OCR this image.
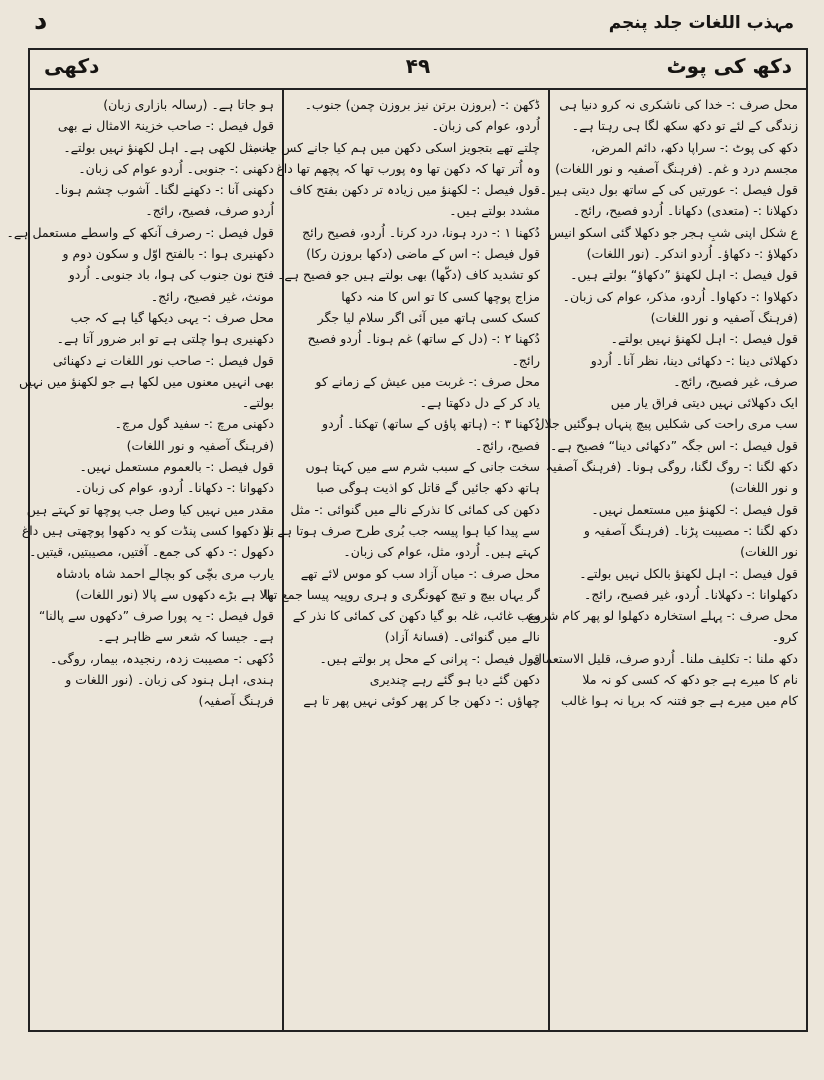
د	مہذب اللغات جلد پنجم
دکھ کی پوٹ
۴۹
دکھی
محل صرف :- خدا کی ناشکری نہ کرو دنیا ہی
زندگی کے لئے تو دکھ سکھ لگا ہی رہتا ہے۔
دکھ کی پوٹ :- سراپا دکھ، دائم المرض،
مجسم درد و غم۔ (فرہنگ آصفیہ و نور اللغات)
قول فیصل :- عورتیں کی کے ساتھ بول دیتی ہیں۔
دکھلانا :- (متعدی) دکھانا۔ اُردو فصیح، رائج۔
ع شکل اپنی شبِ ہجر جو دکھلا گئی اسکو انیس
دکھلاؤ :- دکھاؤ۔ اُردو اندکر۔ (نور اللغات)
قول فیصل :- اہل لکھنؤ ”دکھاؤ“ بولتے ہیں۔
دکھلاوا :- دکھاوا۔ اُردو، مذکر، عوام کی زبان۔
(فرہنگ آصفیہ و نور اللغات)
قول فیصل :- اہل لکھنؤ نہیں بولتے۔
دکھلائی دینا :- دکھائی دینا، نظر آنا۔ اُردو
صرف، غیر فصیح، رائج۔
ایک دکھلائی نہیں دیتی فراق یار میں
سب مری راحت کی شکلیں پیچ پنہاں ہوگئیں جلال
قول فیصل :- اس جگہ ”دکھائی دینا“ فصیح ہے۔
دکھ لگنا :- روگ لگنا، روگی ہونا۔ (فرہنگ آصفیہ
و نور اللغات)
قول فیصل :- لکھنؤ میں مستعمل نہیں۔
دکھ لگنا :- مصیبت پڑنا۔ (فرہنگ آصفیہ و
نور اللغات)
قول فیصل :- اہل لکھنؤ بالکل نہیں بولتے۔
دکھلوانا :- دکھلانا۔ اُردو، غیر فصیح، رائج۔
محل صرف :- پہلے استخارہ دکھلوا لو پھر کام شروع
کرو۔
دکھ ملنا :- تکلیف ملنا۔ اُردو صرف، قلیل الاستعمال۔
نام کا میرے ہے جو دکھ کہ کسی کو نہ ملا
کام میں میرے ہے جو فتنہ کہ برپا نہ ہوا غالب
ڈکھن :- (بروزن برتن نیز بروزن چمن) جنوب۔
اُردو، عوام کی زبان۔
چلتے تھے بتجویز اسکی دکھن میں ہم کیا جانے کس جانب
وہ اُتر تھا کہ دکھن تھا وہ پورب تھا کہ پچھم تھا داغ
قول فیصل :- لکھنؤ میں زیادہ تر دکھن بفتح کاف
مشدد بولتے ہیں۔
دُکھنا ۱ :- درد ہونا، درد کرنا۔ اُردو، فصیح رائج
قول فیصل :- اس کے ماضی (دکھا بروزن رکا)
کو تشدید کاف (دکّھا) بھی بولتے ہیں جو فصیح ہے۔
مزاج پوچھا کسی کا تو اس کا منہ دکھا
کسک کسی ہاتھ میں آئی اگر سلام لیا جگر
دُکھنا ۲ :- (دل کے ساتھ) غم ہونا۔ اُردو فصیح
رائج۔
محل صرف :- غربت میں عیش کے زمانے کو
یاد کر کے دل دکھتا ہے۔
دُکھنا ۳ :- (ہاتھ پاؤں کے ساتھ) تھکنا۔ اُردو
فصیح، رائج۔
سخت جانی کے سبب شرم سے میں کہتا ہوں
ہاتھ دکھ جائیں گے قاتل کو اذیت ہوگی صبا
دکھن کی کمائی کا نذرکے نالے میں گنوائی :- مثل
سے پیدا کیا ہوا پیسہ جب بُری طرح صرف ہوتا ہے تو
کہتے ہیں۔ اُردو، مثل، عوام کی زبان۔
محل صرف :- میاں آزاد سب کو موس لائے تھے
گر یہاں بیچ و تیچ کھونگری و ہری روپیہ پیسا جمع تھا
سب غائب، غلہ بو گیا دکھن کی کمائی کا نذر کے
نالے میں گنوائی۔ (فسانۂ آزاد)
قول فیصل :- پرانی کے محل پر بولتے ہیں۔
دکھن گئے دیا ہو گئے رہے چندیری
چھاؤں :- دکھن جا کر پھر کوئی نہیں پھر تا ہے
ہو جاتا ہے۔ (رسالہ بازاری زبان)
قول فیصل :- صاحب خزینۃ الامثال نے بھی
یہ مثل لکھی ہے۔ اہل لکھنؤ نہیں بولتے۔
دکھنی :- جنوبی۔ اُردو عوام کی زبان۔
دکھنی آنا :- دکھنے لگنا۔ آشوب چشم ہونا۔
اُردو صرف، فصیح، رائج۔
قول فیصل :- رصرف آنکھ کے واسطے مستعمل ہے۔
دکھنیری ہوا :- بالفتح اوّل و سکون دوم و
فتح نون جنوب کی ہوا، باد جنوبی۔ اُردو
مونث، غیر فصیح، رائج۔
محل صرف :- یہی دیکھا گیا ہے کہ جب
دکھنیری ہوا چلتی ہے تو ابر ضرور آتا ہے۔
قول فیصل :- صاحب نور اللغات نے دکھنائی
بھی انہیں معنوں میں لکھا ہے جو لکھنؤ میں نہیں
بولتے۔
دکھنی مرچ :- سفید گول مرچ۔
(فرہنگ آصفیہ و نور اللغات)
قول فیصل :- بالعموم مستعمل نہیں۔
دکھوانا :- دکھانا۔ اُردو، عوام کی زبان۔
مقدر میں نہیں کیا وصل جب پوچھا تو کہتے ہیں
بلا دکھوا کسی پنڈت کو یہ دکھوا پوچھتی ہیں داغ
دکھول :- دکھ کی جمع۔ آفتیں، مصیبتیں، قیتیں۔
یارب مری بچّی کو بچالے احمد شاہ بادشاہ
بالا ہے بڑے دکھوں سے پالا (نور اللغات)
قول فیصل :- یہ پورا صرف ”دکھوں سے پالنا“
ہے۔ جیسا کہ شعر سے ظاہر ہے۔
دُکھی :- مصیبت زدہ، رنجیدہ، بیمار، روگی۔
ہندی، اہل ہنود کی زبان۔ (نور اللغات و
فرہنگ آصفیہ)
